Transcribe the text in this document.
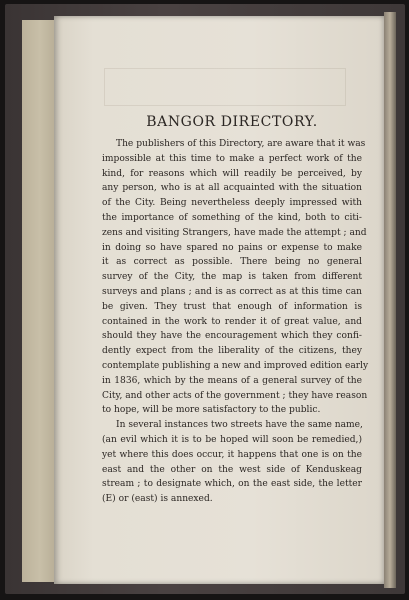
BANGOR DIRECTORY.

The publishers of this Directory, are aware that it was
impossible at this time to make a perfect work of the
kind, for reasons which will readily be perceived, by
any person, who is at all acquainted with the situation
of the City. Being nevertheless deeply impressed with
the importance of something of the kind, both to citi-
zens and visiting Strangers, have made the attempt ; and
in doing so have spared no pains or expense to make
it as correct as possible. There being no general
survey of the City, the map is taken from different
surveys and plans ; and is as correct as at this time can
be given. They trust that enough of information is
contained in the work to render it of great value, and
should they have the encouragement which they confi-
dently expect from the liberality of the citizens, they
contemplate publishing a new and improved edition early
in 1836, which by the means of a general survey of the
City, and other acts of the government ; they have reason
to hope, will be more satisfactory to the public.

In several instances two streets have the same name,
(an evil which it is to be hoped will soon be remedied,)
yet where this does occur, it happens that one is on the
east and the other on the west side of Kenduskeag
stream ; to designate which, on the east side, the letter
(E) or (east) is annexed.
